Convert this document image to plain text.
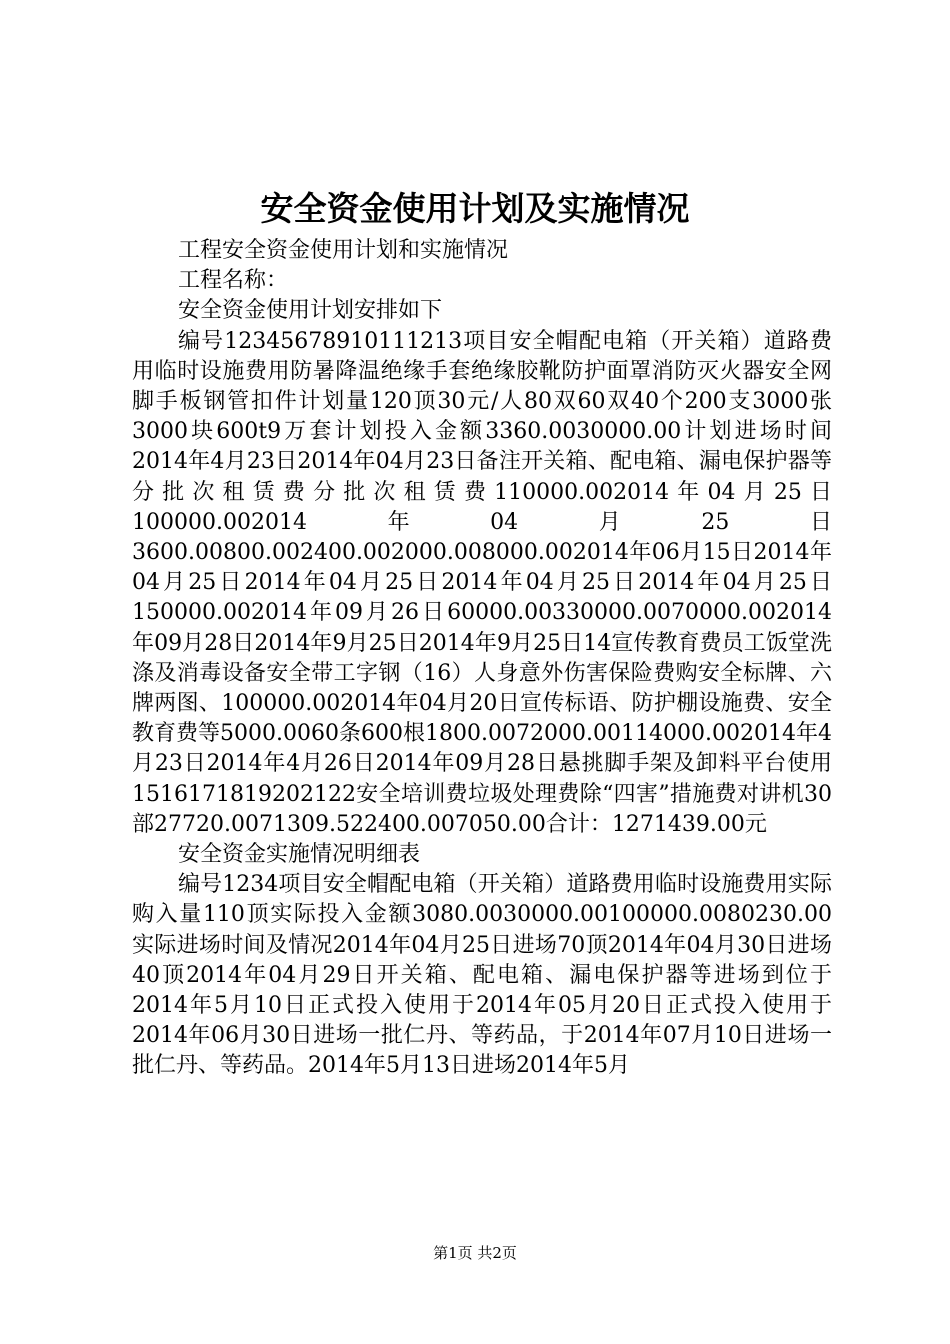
安全资金使用计划及实施情况

工程安全资金使用计划和实施情况

工程名称：

安全资金使用计划安排如下

编号12345678910111213项目安全帽配电箱（开关箱）道路费用临时设施费用防暑降温绝缘手套绝缘胶靴防护面罩消防灭火器安全网脚手板钢管扣件计划量120顶30元/人80双60双40个200支3000张3000块600t9万套计划投入金额3360.0030000.00计划进场时间2014年4月23日2014年04月23日备注开关箱、配电箱、漏电保护器等分批次租赁费分批次租赁费110000.002014年04月25日100000.002014年04月25日3600.00800.002400.002000.008000.002014年06月15日2014年04月25日2014年04月25日2014年04月25日2014年04月25日150000.002014年09月26日60000.00330000.0070000.002014年09月28日2014年9月25日2014年9月25日14宣传教育费员工饭堂洗涤及消毒设备安全带工字钢（16）人身意外伤害保险费购安全标牌、六牌两图、100000.002014年04月20日宣传标语、防护棚设施费、安全教育费等5000.0060条600根1800.0072000.00114000.002014年4月23日2014年4月26日2014年09月28日悬挑脚手架及卸料平台使用1516171819202122安全培训费垃圾处理费除“四害”措施费对讲机30部27720.0071309.522400.007050.00合计：1271439.00元

安全资金实施情况明细表

编号1234项目安全帽配电箱（开关箱）道路费用临时设施费用实际购入量110顶实际投入金额3080.0030000.00100000.0080230.00实际进场时间及情况2014年04月25日进场70顶2014年04月30日进场40顶2014年04月29日开关箱、配电箱、漏电保护器等进场到位于2014年5月10日正式投入使用于2014年05月20日正式投入使用于2014年06月30日进场一批仁丹、等药品，于2014年07月10日进场一批仁丹、等药品。2014年5月13日进场2014年5月

第1页 共2页
